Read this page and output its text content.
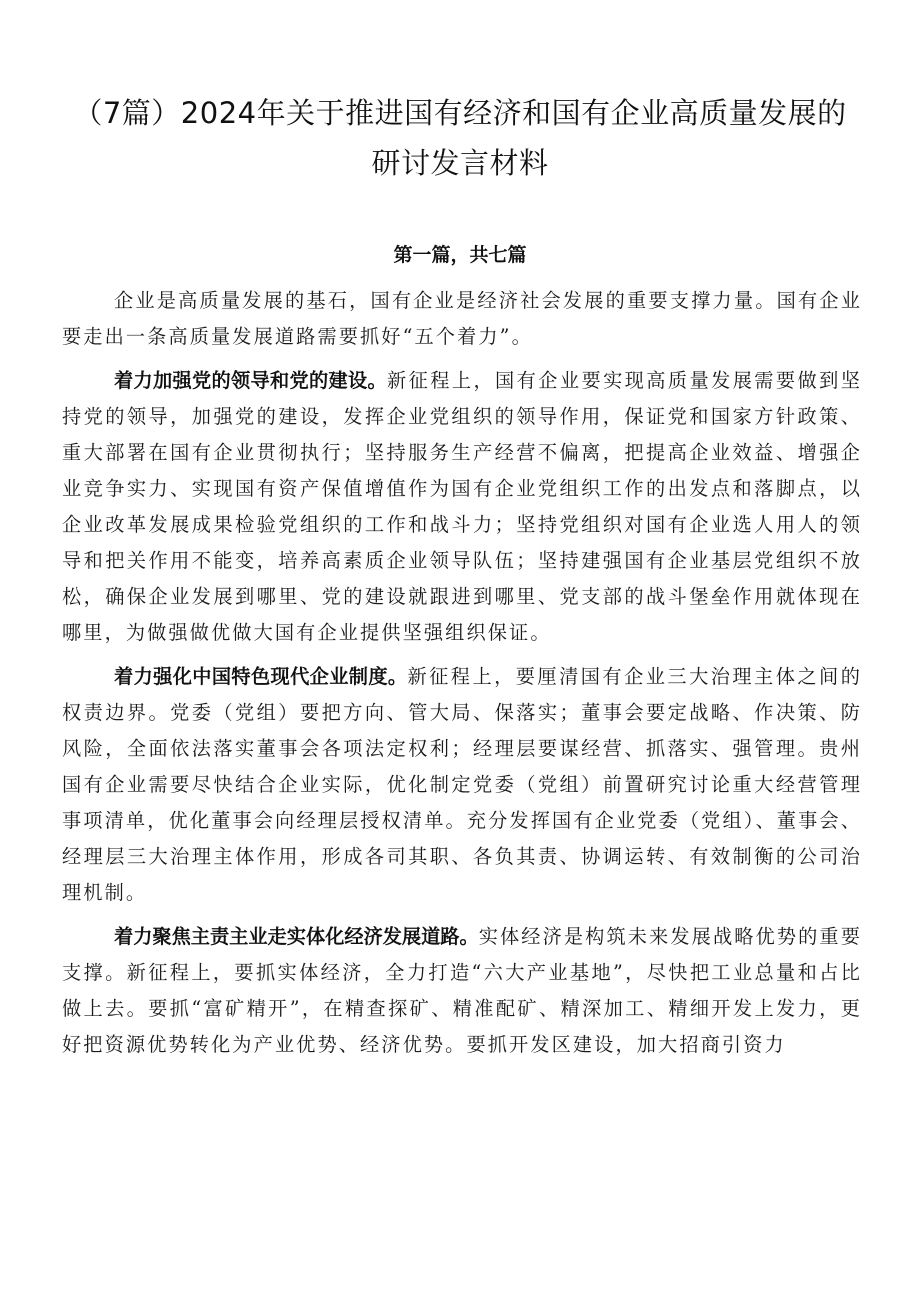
（7篇）2024年关于推进国有经济和国有企业高质量发展的研讨发言材料
第一篇，共七篇

企业是高质量发展的基石，国有企业是经济社会发展的重要支撑力量。国有企业要走出一条高质量发展道路需要抓好“五个着力”。

着力加强党的领导和党的建设。新征程上，国有企业要实现高质量发展需要做到坚持党的领导，加强党的建设，发挥企业党组织的领导作用，保证党和国家方针政策、重大部署在国有企业贯彻执行；坚持服务生产经营不偏离，把提高企业效益、增强企业竞争实力、实现国有资产保值增值作为国有企业党组织工作的出发点和落脚点，以企业改革发展成果检验党组织的工作和战斗力；坚持党组织对国有企业选人用人的领导和把关作用不能变，培养高素质企业领导队伍；坚持建强国有企业基层党组织不放松，确保企业发展到哪里、党的建设就跟进到哪里、党支部的战斗堡垒作用就体现在哪里，为做强做优做大国有企业提供坚强组织保证。

着力强化中国特色现代企业制度。新征程上，要厘清国有企业三大治理主体之间的权责边界。党委（党组）要把方向、管大局、保落实；董事会要定战略、作决策、防风险，全面依法落实董事会各项法定权利；经理层要谋经营、抓落实、强管理。贵州国有企业需要尽快结合企业实际，优化制定党委（党组）前置研究讨论重大经营管理事项清单，优化董事会向经理层授权清单。充分发挥国有企业党委（党组）、董事会、经理层三大治理主体作用，形成各司其职、各负其责、协调运转、有效制衡的公司治理机制。

着力聚焦主责主业走实体化经济发展道路。实体经济是构筑未来发展战略优势的重要支撑。新征程上，要抓实体经济，全力打造“六大产业基地”，尽快把工业总量和占比做上去。要抓“富矿精开”，在精查探矿、精准配矿、精深加工、精细开发上发力，更好把资源优势转化为产业优势、经济优势。要抓开发区建设，加大招商引资力
